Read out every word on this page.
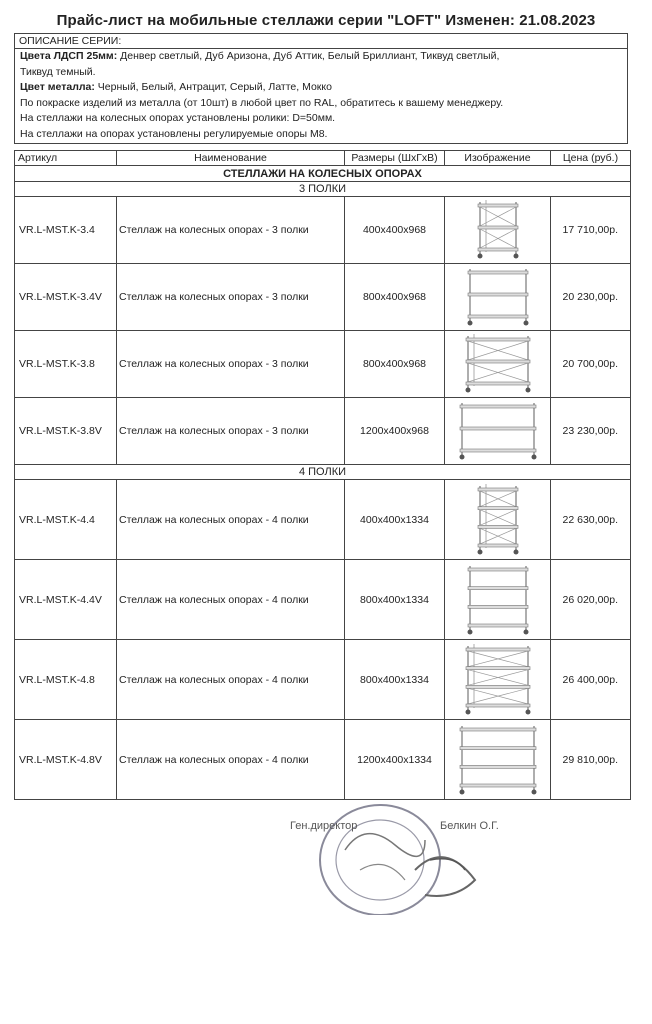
Прайс-лист на мобильные стеллажи серии "LOFT" Изменен: 21.08.2023
ОПИСАНИЕ СЕРИИ:
Цвета ЛДСП 25мм: Денвер светлый, Дуб Аризона, Дуб Аттик, Белый Бриллиант, Тиквуд светлый,
Тиквуд темный.
Цвет металла: Черный, Белый, Антрацит, Серый, Латте, Мокко
По покраске изделий из металла (от 10шт) в любой цвет по RAL, обратитесь к вашему менеджеру.
На стеллажи на колесных опорах установлены ролики: D=50мм.
На стеллажи на опорах установлены регулируемые опоры М8.
Артикул	Наименование	Размеры (ШхГхВ)	Изображение	Цена (руб.)
СТЕЛЛАЖИ НА КОЛЕСНЫХ ОПОРАХ				
3 ПОЛКИ				
VR.L-MST.K-3.4	Стеллаж на колесных опорах - 3 полки	400х400х968		17 710,00р.
VR.L-MST.K-3.4V	Стеллаж на колесных опорах - 3 полки	800х400х968		20 230,00р.
VR.L-MST.K-3.8	Стеллаж на колесных опорах - 3 полки	800х400х968		20 700,00р.
VR.L-MST.K-3.8V	Стеллаж на колесных опорах - 3 полки	1200х400х968		23 230,00р.
4 ПОЛКИ				
VR.L-MST.K-4.4	Стеллаж на колесных опорах - 4 полки	400х400х1334		22 630,00р.
VR.L-MST.K-4.4V	Стеллаж на колесных опорах - 4 полки	800х400х1334		26 020,00р.
VR.L-MST.K-4.8	Стеллаж на колесных опорах - 4 полки	800х400х1334		26 400,00р.
VR.L-MST.K-4.8V	Стеллаж на колесных опорах - 4 полки	1200х400х1334		29 810,00р.
Ген.директор	Белкин О.Г.
